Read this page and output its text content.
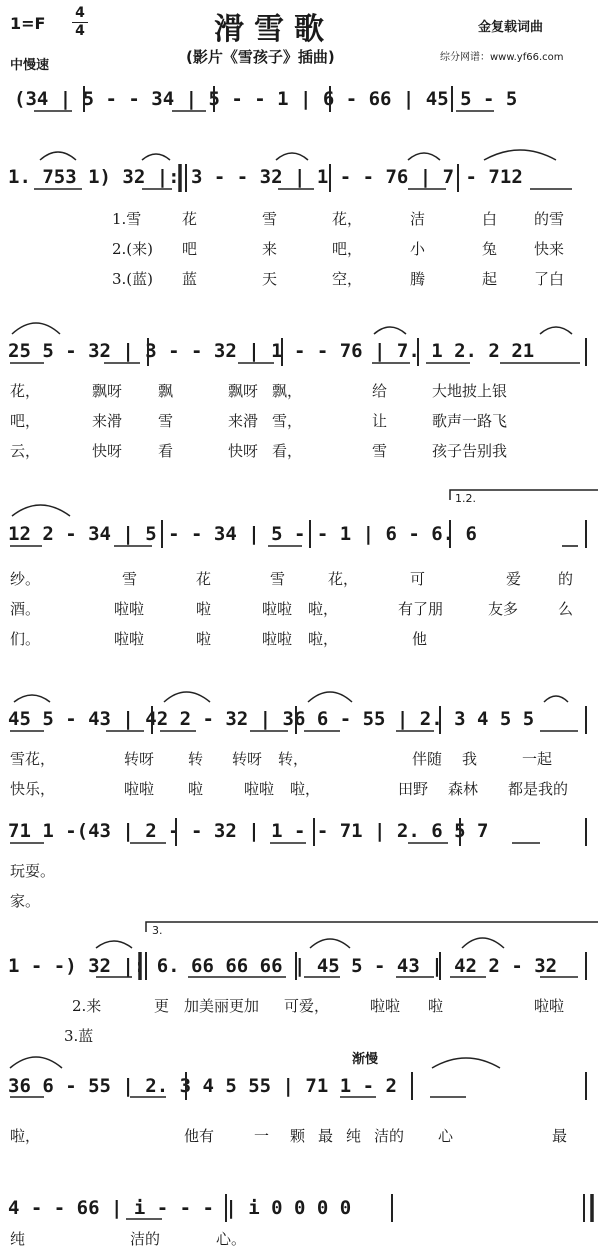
1=F
4
4	滑雪歌
(影片《雪孩子》插曲)
金复载词曲
综分网谱：www.yf66.com
中慢速
(34 | 5 - - 34 | 5 - - 1 | 6 - 66 | 45 5 - 5
1. 753 1) 32 |: 3 - - 32 | 1 - - 76 | 7 - 712
25 5 - 32 | 3 - - 32 | 1 - - 76 | 7. 1 2. 2 21
12 2 - 34 | 5 - - 34 | 5 - - 1 | 6 - 6. 6
45 5 - 43 | 42 2 - 32 | 36 6 - 55 | 2. 3 4 5 5
71 1 -(43 | 2 - - 32 | 1 - - 71 | 2. 6 5 7
1 - -) 32 |: 6. 66 66 66 | 45 5 - 43 | 42 2 - 32
36 6 - 55 | 2. 3 4 5 55 | 71 1 - 2
4 - - 66 | i - - - | i 0 0 0 0
1.2.
3.
渐慢
1.雪	花	雪	花，	洁	白 的雪
2.(来) 吧	来	吧，	小	兔 快来
3.(蓝) 蓝	天	空，	腾	起 了白
花，	飘呀 飘	飘呀 飘，	给	大地披上银
吧，	来滑 雪	来滑 雪，	让	歌声一路飞
云，	快呀 看	快呀 看，	雪	孩子告别我
纱。	雪	花	雪	花，	可	爱 的
酒。	啦啦	啦	啦啦 啦，	有了朋	友多	么
们。	啦啦	啦	啦啦 啦，	他
雪花，	转呀 转 转呀 转，	伴随 我	一起
快乐，	啦啦 啦	啦啦 啦，	田野 森林 都是我的
玩耍。
家。
2.来	更 加美丽更加 可爱，	啦啦 啦	啦啦
3.蓝
啦，	他有	一 颗 最 纯 洁的 心	最
纯	洁的	心。
